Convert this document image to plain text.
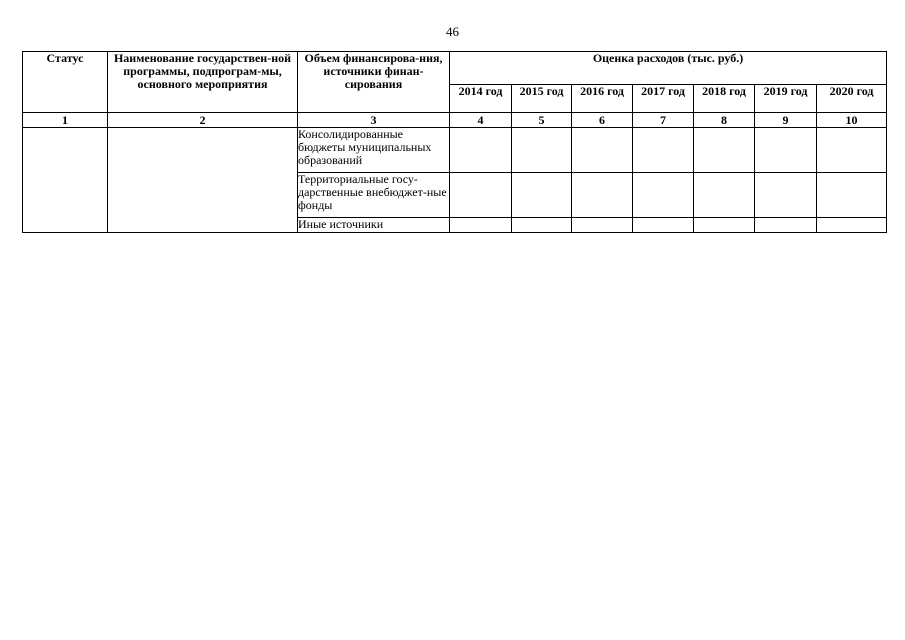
46
Статус	Наименование государствен-ной программы, подпрограм-мы, основного мероприятия	Объем финансирова-ния, источники финан-сирования	Оценка расходов (тыс. руб.)						
			2014 год	2015 год	2016 год	2017 год	2018 год	2019 год	2020 год
1	2	3	4	5	6	7	8	9	10
		Консолидированные бюджеты муниципальных образований							
		Территориальные госу-дарственные внебюджет-ные фонды							
		Иные источники							
